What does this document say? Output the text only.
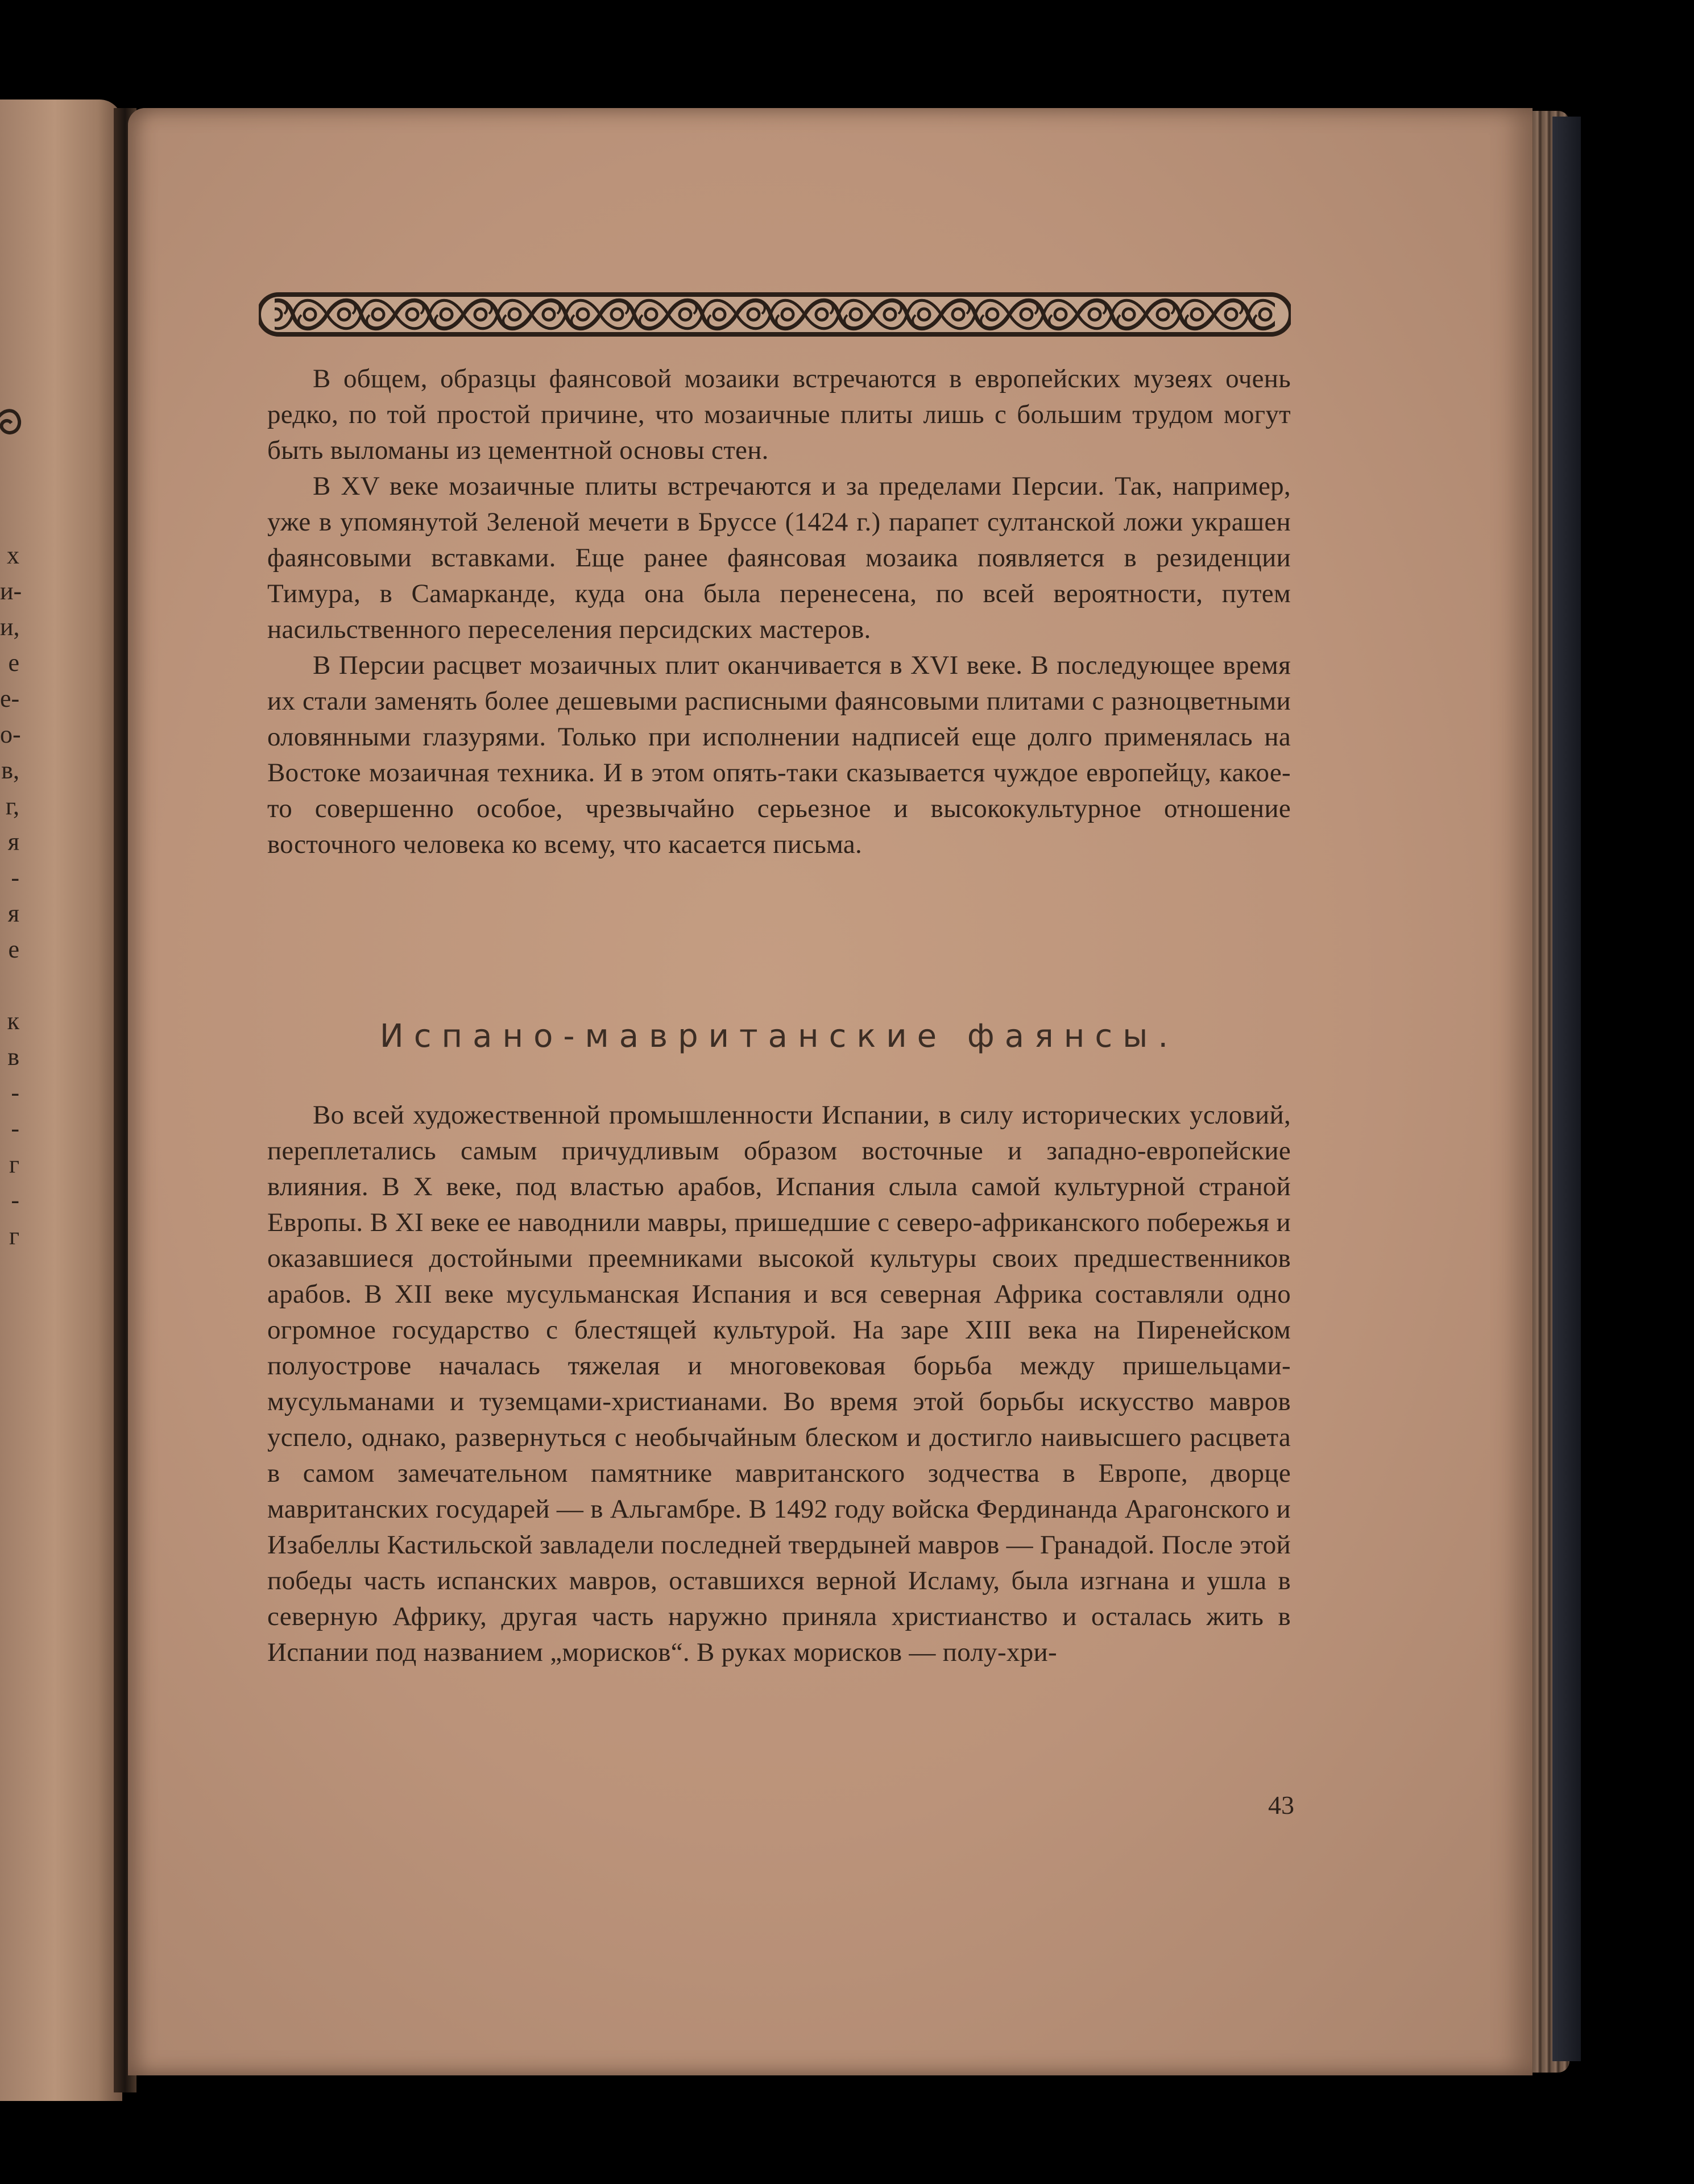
х
и-
и,
е
е-
о-
в,
г,
я
-
я
е

к
в
-
-
г
-
г

В общем, образцы фаянсовой мозаики встречаются в европейских музеях очень редко, по той простой причине, что мозаичные плиты лишь с большим трудом могут быть выломаны из цементной основы стен.

В XV веке мозаичные плиты встречаются и за пределами Персии. Так, например, уже в упомянутой Зеленой мечети в Бруссе (1424 г.) парапет султанской ложи украшен фаянсовыми вставками. Еще ранее фаянсовая мозаика появляется в резиденции Тимура, в Самарканде, куда она была перенесена, по всей вероятности, путем насильственного переселения персидских мастеров.

В Персии расцвет мозаичных плит оканчивается в XVI веке. В последующее время их стали заменять более дешевыми расписными фаянсовыми плитами с разноцветными оловянными глазурями. Только при исполнении надписей еще долго применялась на Востоке мозаичная техника. И в этом опять-таки сказывается чуждое европейцу, какое-то совершенно особое, чрезвычайно серьезное и высококультурное отношение восточного человека ко всему, что касается письма.

Испано-мавританские фаянсы.

Во всей художественной промышленности Испании, в силу исторических условий, переплетались самым причудливым образом восточные и западно-европейские влияния. В X веке, под властью арабов, Испания слыла самой культурной страной Европы. В XI веке ее наводнили мавры, пришедшие с северо-африканского побережья и оказавшиеся достойными преемниками высокой культуры своих предшественников арабов. В XII веке мусульманская Испания и вся северная Африка составляли одно огромное государство с блестящей культурой. На заре XIII века на Пиренейском полуострове началась тяжелая и многовековая борьба между пришельцами-мусульманами и туземцами-христианами. Во время этой борьбы искусство мавров успело, однако, развернуться с необычайным блеском и достигло наивысшего расцвета в самом замечательном памятнике мавританского зодчества в Европе, дворце мавританских государей — в Альгамбре. В 1492 году войска Фердинанда Арагонского и Изабеллы Кастильской завладели последней твердыней мавров — Гранадой. После этой победы часть испанских мавров, оставшихся верной Исламу, была изгнана и ушла в северную Африку, другая часть наружно приняла христианство и осталась жить в Испании под названием „морисков“. В руках морисков — полу-хри-

43
